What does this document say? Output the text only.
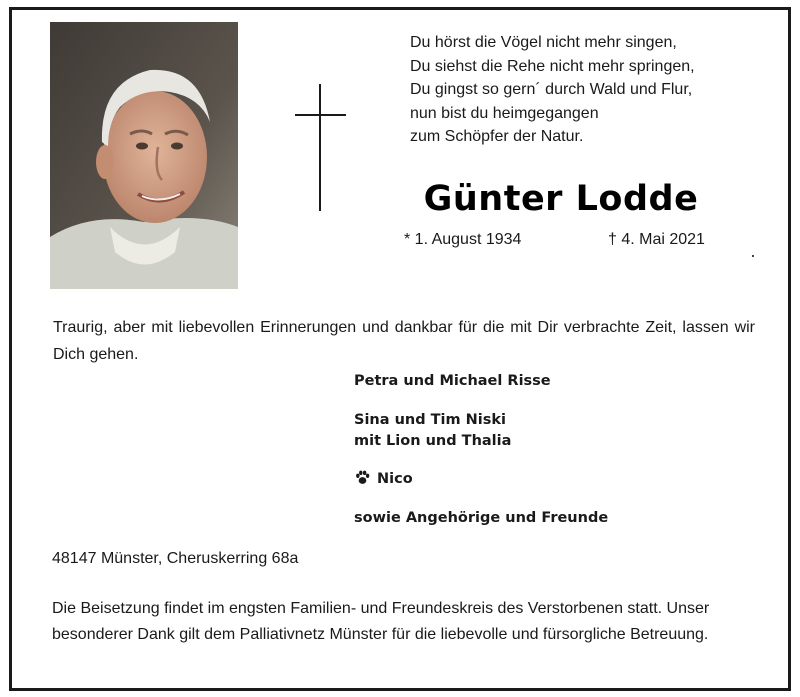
Du hörst die Vögel nicht mehr singen,
Du siehst die Rehe nicht mehr springen,
Du gingst so gern´ durch Wald und Flur,
nun bist du heimgegangen
zum Schöpfer der Natur.
Günter Lodde
* 1. August 1934	† 4. Mai 2021
Traurig, aber mit liebevollen Erinnerungen und dankbar für die mit Dir verbrachte Zeit, lassen wir Dich gehen.
Petra und Michael Risse
Sina und Tim Niski
mit Lion und Thalia
Nico
sowie Angehörige und Freunde
48147 Münster, Cheruskerring 68a
Die Beisetzung findet im engsten Familien- und Freundeskreis des Verstorbenen statt. Unser besonderer Dank gilt dem Palliativnetz Münster für die liebevolle und fürsorgliche Betreuung.
